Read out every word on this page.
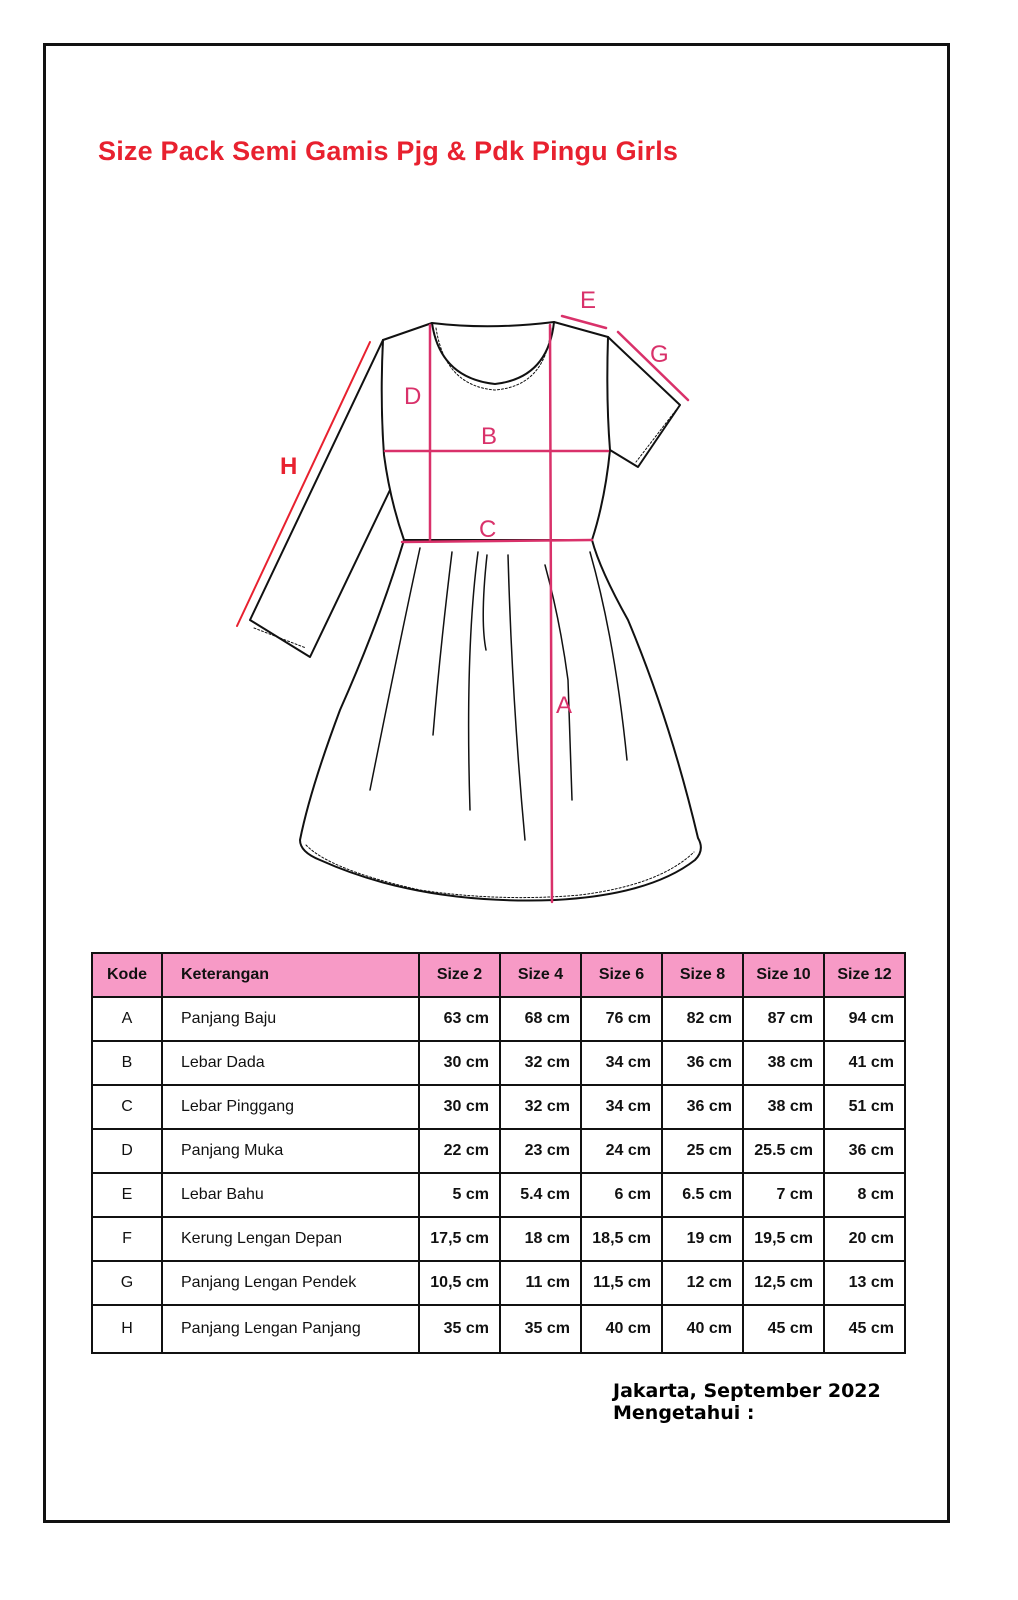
Size Pack Semi Gamis Pjg & Pdk Pingu Girls
D
B
C
A
E
G
H
Kode	Keterangan	Size 2	Size 4	Size 6	Size 8	Size 10	Size 12
A	Panjang Baju	63 cm	68 cm	76 cm	82 cm	87 cm	94 cm
B	Lebar Dada	30 cm	32 cm	34 cm	36 cm	38 cm	41 cm
C	Lebar Pinggang	30 cm	32 cm	34 cm	36 cm	38 cm	51 cm
D	Panjang Muka	22 cm	23 cm	24 cm	25 cm	25.5 cm	36 cm
E	Lebar Bahu	5 cm	5.4 cm	6 cm	6.5 cm	7 cm	8 cm
F	Kerung Lengan Depan	17,5 cm	18 cm	18,5 cm	19 cm	19,5 cm	20 cm
G	Panjang Lengan Pendek	10,5 cm	11 cm	11,5 cm	12 cm	12,5 cm	13 cm
H	Panjang Lengan Panjang	35 cm	35 cm	40 cm	40 cm	45 cm	45 cm
Jakarta, September 2022
Mengetahui :
